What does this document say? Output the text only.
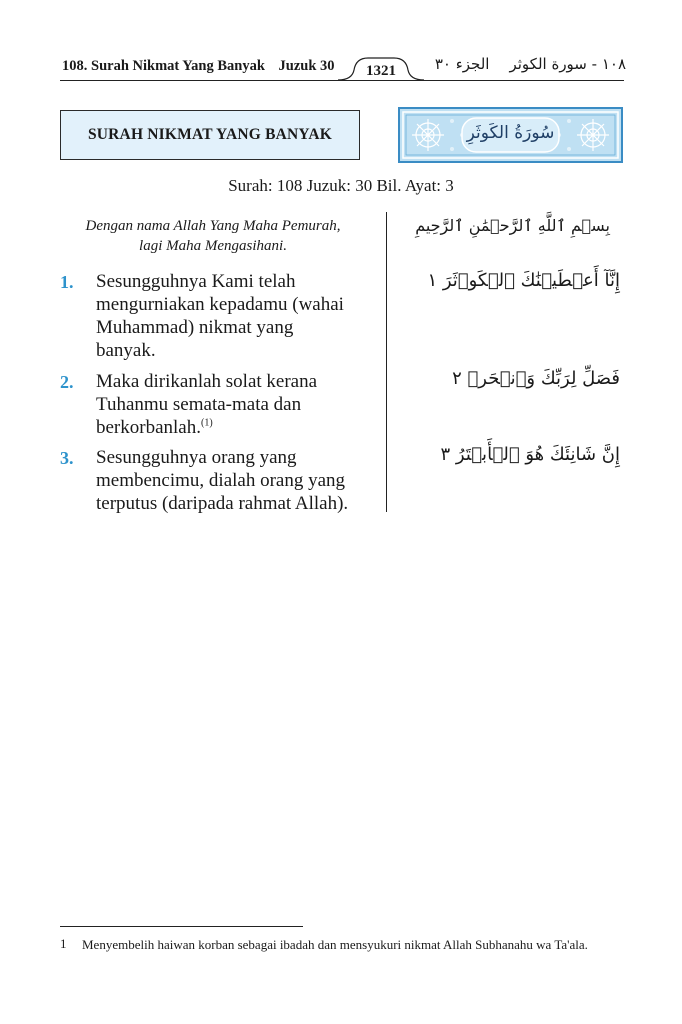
108. Surah Nikmat Yang Banyak Juzuk 30	1321	١٠٨ - سورة الكوثرالجزء ٣٠
SURAH NIKMAT YANG BANYAK	سُورَةُ الكَوثَرِ
Surah: 108 Juzuk: 30 Bil. Ayat: 3
Dengan nama Allah Yang Maha Pemurah,
lagi Maha Mengasihani.
بِسۡمِ ٱللَّهِ ٱلرَّحۡمَٰنِ ٱلرَّحِيمِ
1. Sesungguhnya Kami telah
mengurniakan kepadamu (wahai
Muhammad) nikmat yang
banyak.
إِنَّآ أَعۡطَيۡنَٰكَ ٱلۡكَوۡثَرَ ١
2. Maka dirikanlah solat kerana
Tuhanmu semata-mata dan
berkorbanlah.$^{(1)}$
فَصَلِّ لِرَبِّكَ وَٱنۡحَرۡ ٢
3. Sesungguhnya orang yang
membencimu, dialah orang yang
terputus (daripada rahmat Allah).
إِنَّ شَانِئَكَ هُوَ ٱلۡأَبۡتَرُ ٣
1 Menyembelih haiwan korban sebagai ibadah dan mensyukuri nikmat Allah Subhanahu wa Ta'ala.
